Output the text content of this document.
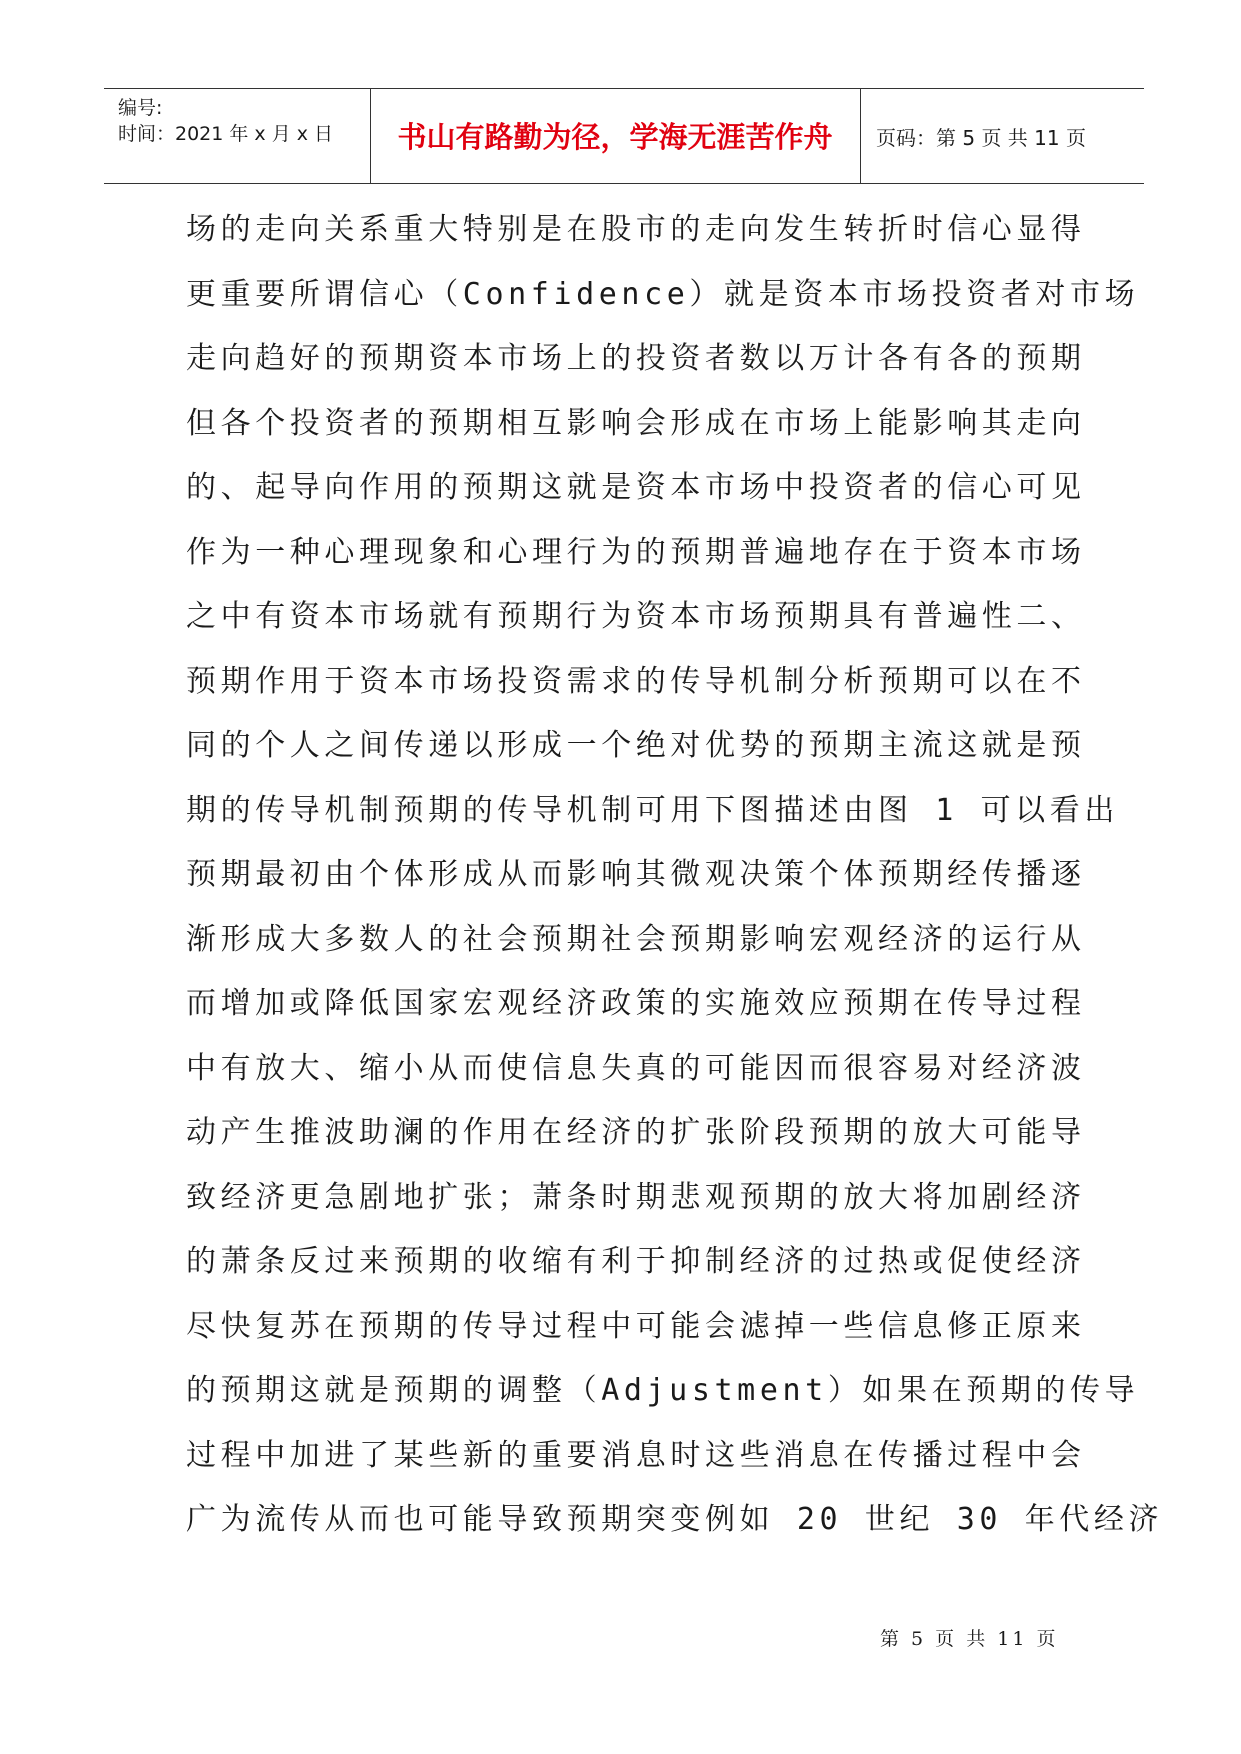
编号:
时间：2021 年 x 月 x 日	书山有路勤为径，学海无涯苦作舟	页码：第 5 页 共 11 页
场的走向关系重大特别是在股市的走向发生转折时信心显得
更重要所谓信心（Confidence）就是资本市场投资者对市场
走向趋好的预期资本市场上的投资者数以万计各有各的预期
但各个投资者的预期相互影响会形成在市场上能影响其走向
的、起导向作用的预期这就是资本市场中投资者的信心可见
作为一种心理现象和心理行为的预期普遍地存在于资本市场
之中有资本市场就有预期行为资本市场预期具有普遍性二、
预期作用于资本市场投资需求的传导机制分析预期可以在不
同的个人之间传递以形成一个绝对优势的预期主流这就是预
期的传导机制预期的传导机制可用下图描述由图 1 可以看出
预期最初由个体形成从而影响其微观决策个体预期经传播逐
渐形成大多数人的社会预期社会预期影响宏观经济的运行从
而增加或降低国家宏观经济政策的实施效应预期在传导过程
中有放大、缩小从而使信息失真的可能因而很容易对经济波
动产生推波助澜的作用在经济的扩张阶段预期的放大可能导
致经济更急剧地扩张；萧条时期悲观预期的放大将加剧经济
的萧条反过来预期的收缩有利于抑制经济的过热或促使经济
尽快复苏在预期的传导过程中可能会滤掉一些信息修正原来
的预期这就是预期的调整（Adjustment）如果在预期的传导
过程中加进了某些新的重要消息时这些消息在传播过程中会
广为流传从而也可能导致预期突变例如 20 世纪 30 年代经济
第 5 页 共 11 页
